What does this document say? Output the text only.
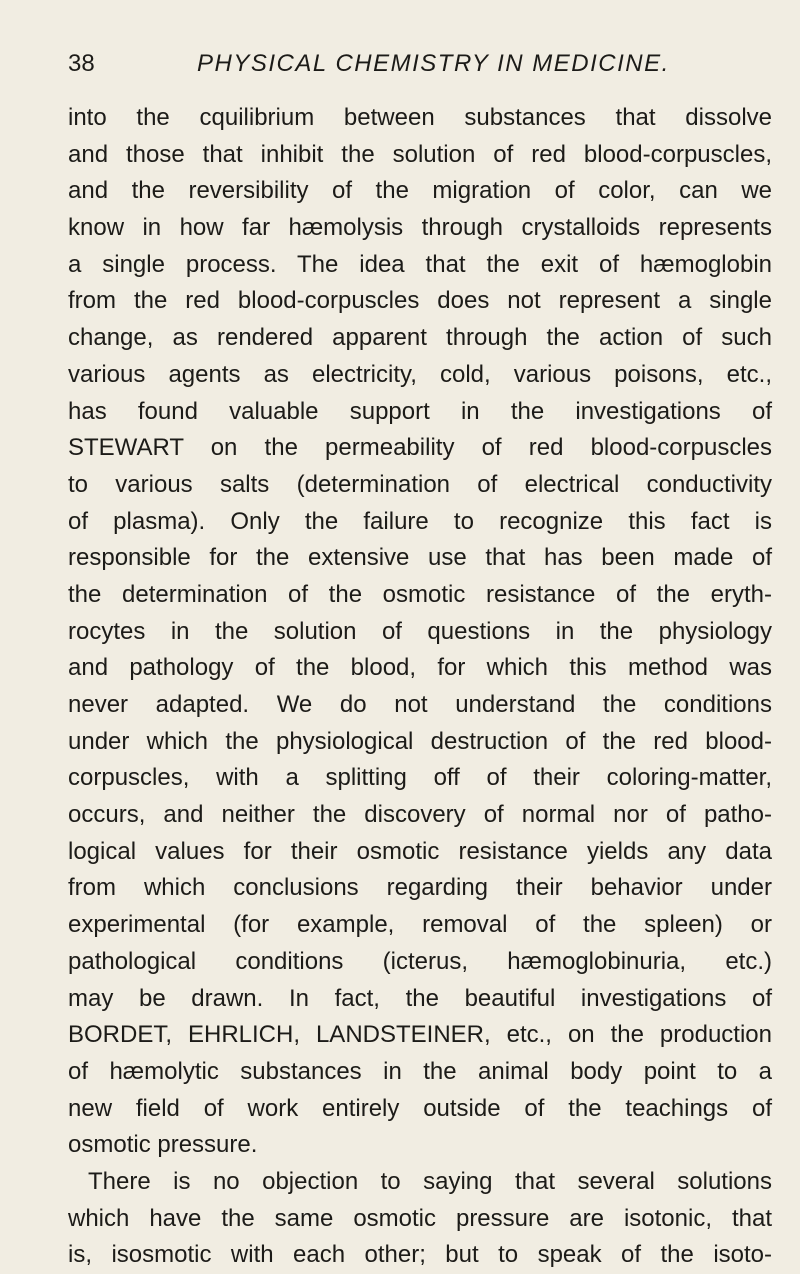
38	PHYSICAL CHEMISTRY IN MEDICINE.
into the cquilibrium between substances that dissolve
and those that inhibit the solution of red blood-corpuscles,
and the reversibility of the migration of color, can we
know in how far hæmolysis through crystalloids represents
a single process. The idea that the exit of hæmoglobin
from the red blood-corpuscles does not represent a single
change, as rendered apparent through the action of such
various agents as electricity, cold, various poisons, etc.,
has found valuable support in the investigations of
STEWART on the permeability of red blood-corpuscles
to various salts (determination of electrical conductivity
of plasma). Only the failure to recognize this fact is
responsible for the extensive use that has been made of
the determination of the osmotic resistance of the eryth-
rocytes in the solution of questions in the physiology
and pathology of the blood, for which this method was
never adapted. We do not understand the conditions
under which the physiological destruction of the red blood-
corpuscles, with a splitting off of their coloring-matter,
occurs, and neither the discovery of normal nor of patho-
logical values for their osmotic resistance yields any data
from which conclusions regarding their behavior under
experimental (for example, removal of the spleen) or
pathological conditions (icterus, hæmoglobinuria, etc.)
may be drawn. In fact, the beautiful investigations of
BORDET, EHRLICH, LANDSTEINER, etc., on the production
of hæmolytic substances in the animal body point to a
new field of work entirely outside of the teachings of
osmotic pressure.
There is no objection to saying that several solutions
which have the same osmotic pressure are isotonic, that
is, isosmotic with each other; but to speak of the isoto-
